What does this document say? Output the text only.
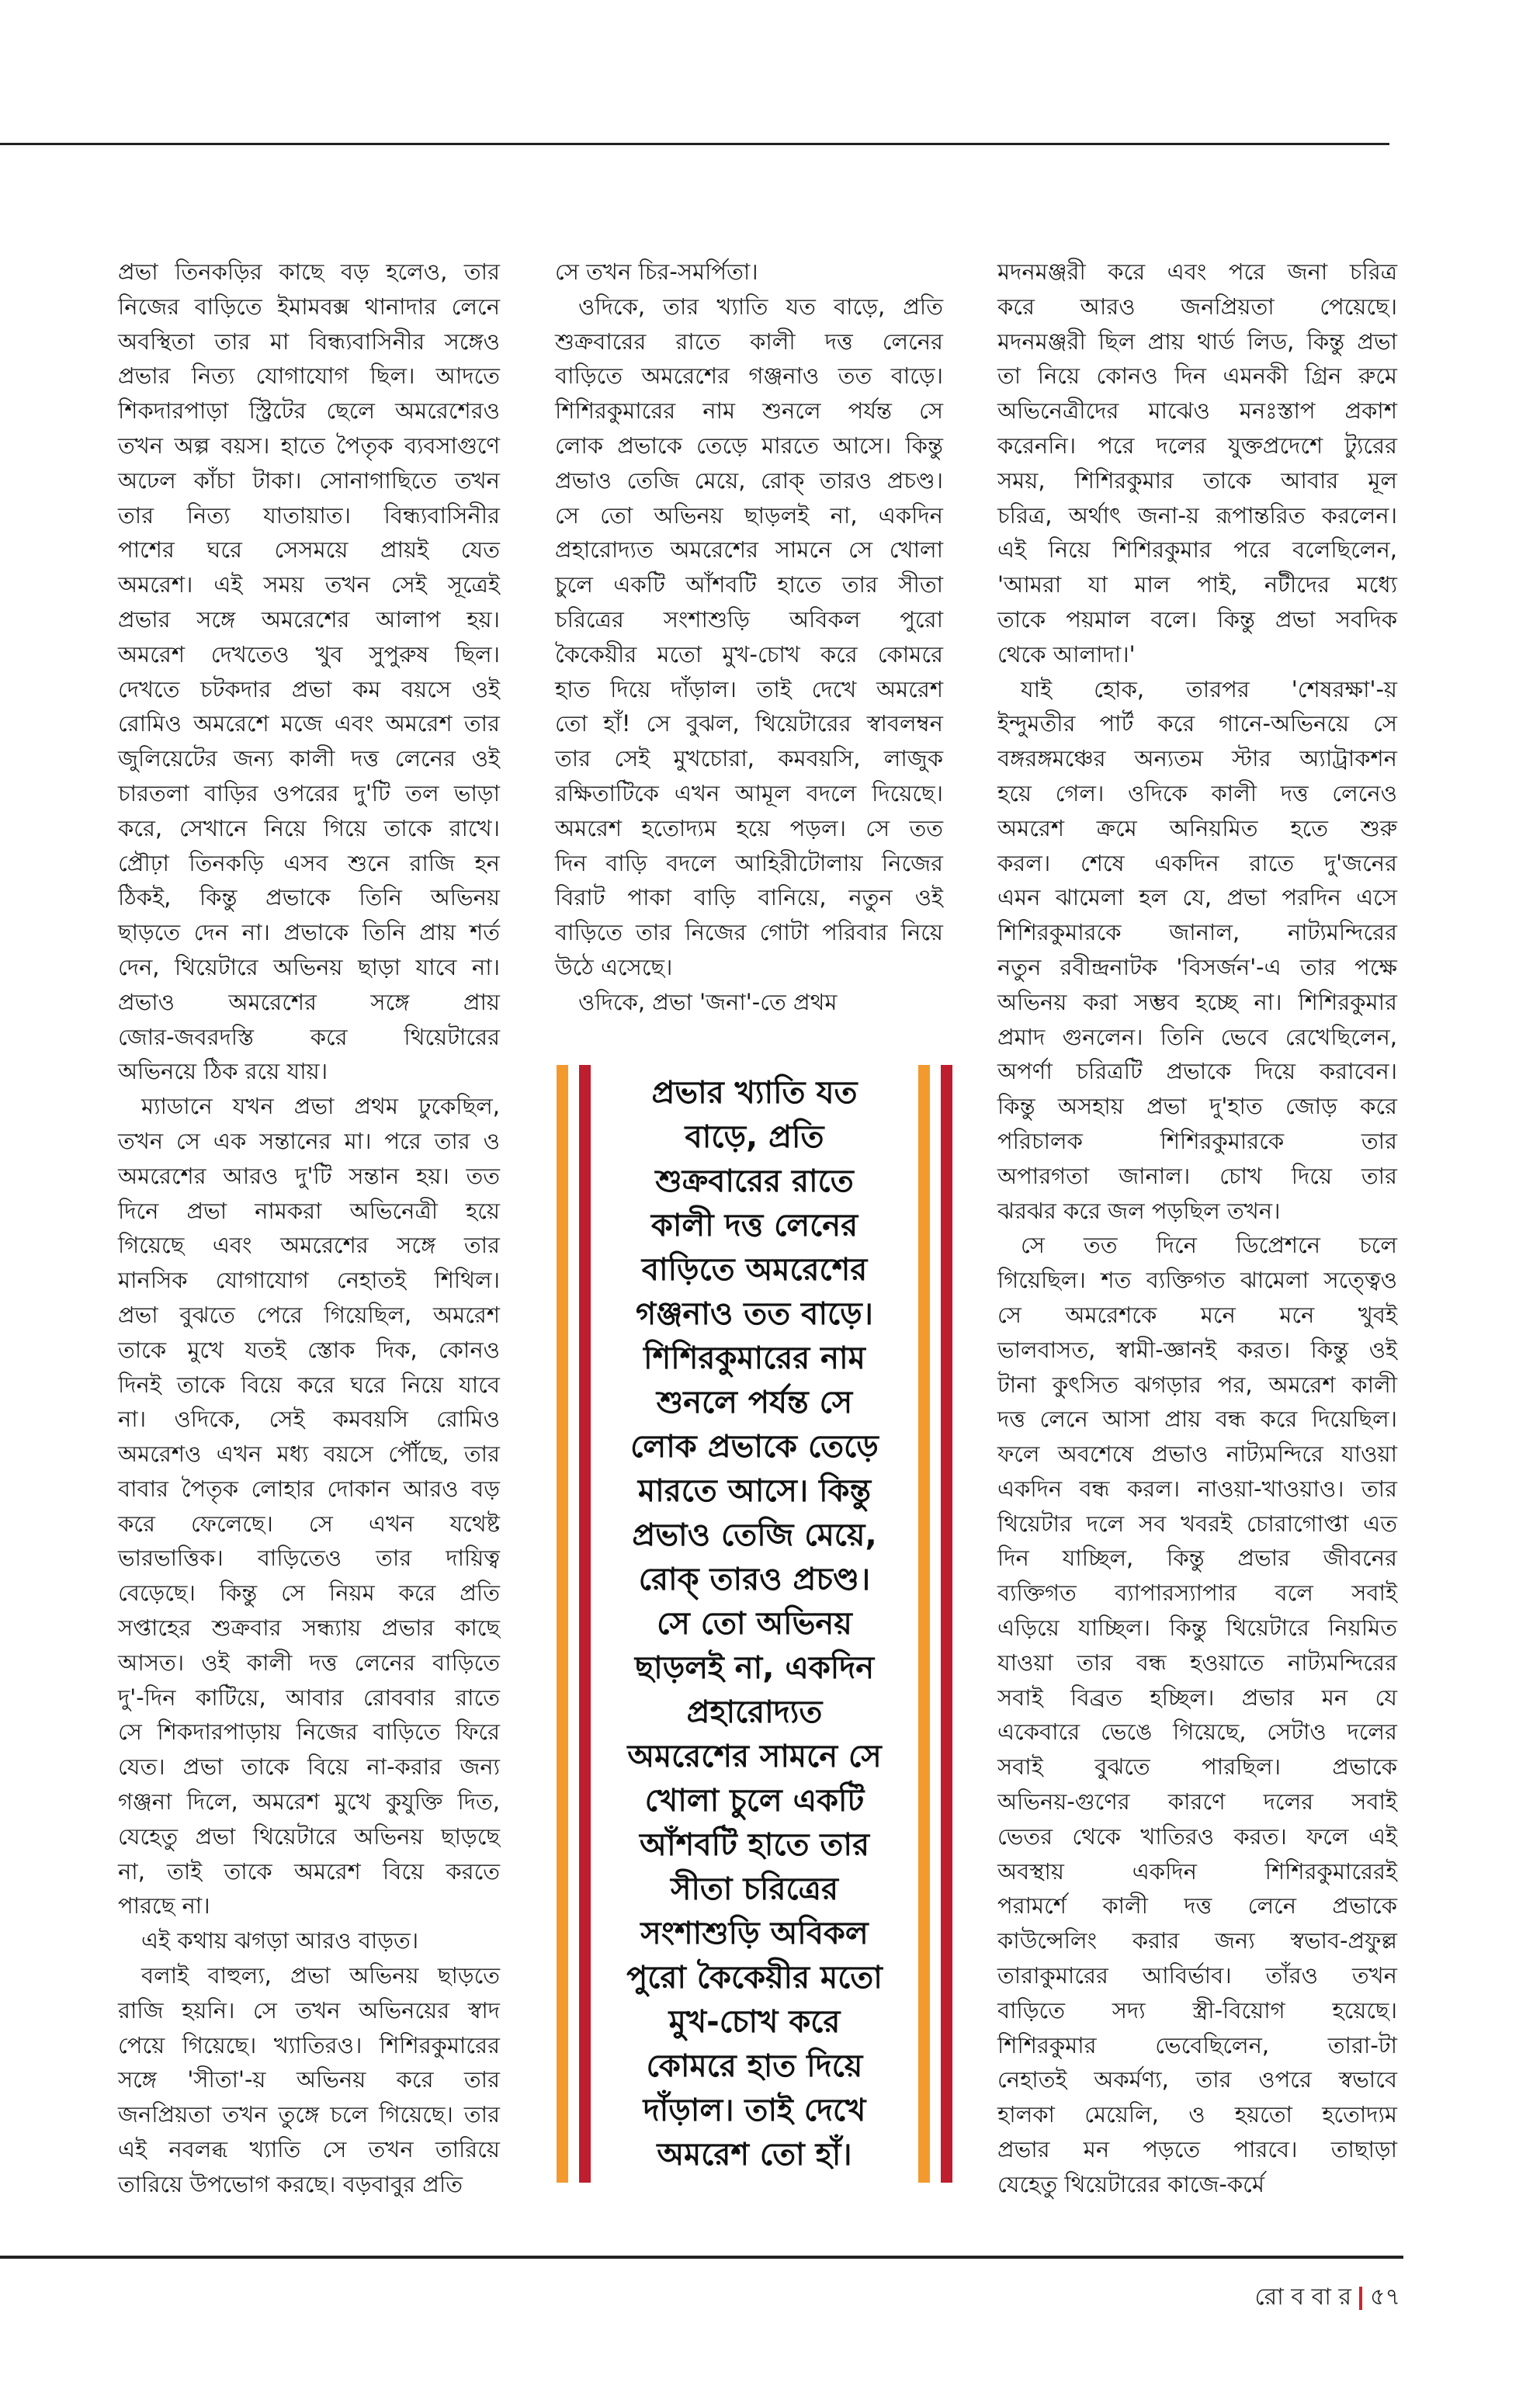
প্রভা তিনকড়ির কাছে বড় হলেও, তার
নিজের বাড়িতে ইমামবক্স থানাদার লেনে
অবস্থিতা তার মা বিন্ধ্যবাসিনীর সঙ্গেও
প্রভার নিত্য যোগাযোগ ছিল। আদতে
শিকদারপাড়া স্ট্রিটের ছেলে অমরেশেরও
তখন অল্প বয়স। হাতে পৈতৃক ব্যবসাগুণে
অঢেল কাঁচা টাকা। সোনাগাছিতে তখন
তার নিত্য যাতায়াত। বিন্ধ্যবাসিনীর
পাশের ঘরে সেসময়ে প্রায়ই যেত
অমরেশ। এই সময় তখন সেই সূত্রেই
প্রভার সঙ্গে অমরেশের আলাপ হয়।
অমরেশ দেখতেও খুব সুপুরুষ ছিল।
দেখতে চটকদার প্রভা কম বয়সে ওই
রোমিও অমরেশে মজে এবং অমরেশ তার
জুলিয়েটের জন্য কালী দত্ত লেনের ওই
চারতলা বাড়ির ওপরের দু'টি তল ভাড়া
করে, সেখানে নিয়ে গিয়ে তাকে রাখে।
প্রৌঢ়া তিনকড়ি এসব শুনে রাজি হন
ঠিকই, কিন্তু প্রভাকে তিনি অভিনয়
ছাড়তে দেন না। প্রভাকে তিনি প্রায় শর্ত
দেন, থিয়েটারে অভিনয় ছাড়া যাবে না।
প্রভাও অমরেশের সঙ্গে প্রায়
জোর-জবরদস্তি করে থিয়েটারের
অভিনয়ে ঠিক রয়ে যায়।
ম্যাডানে যখন প্রভা প্রথম ঢুকেছিল,
তখন সে এক সন্তানের মা। পরে তার ও
অমরেশের আরও দু'টি সন্তান হয়। তত
দিনে প্রভা নামকরা অভিনেত্রী হয়ে
গিয়েছে এবং অমরেশের সঙ্গে তার
মানসিক যোগাযোগ নেহাতই শিথিল।
প্রভা বুঝতে পেরে গিয়েছিল, অমরেশ
তাকে মুখে যতই স্তোক দিক, কোনও
দিনই তাকে বিয়ে করে ঘরে নিয়ে যাবে
না। ওদিকে, সেই কমবয়সি রোমিও
অমরেশও এখন মধ্য বয়সে পৌঁছে, তার
বাবার পৈতৃক লোহার দোকান আরও বড়
করে ফেলেছে। সে এখন যথেষ্ট
ভারভাত্তিক। বাড়িতেও তার দায়িত্ব
বেড়েছে। কিন্তু সে নিয়ম করে প্রতি
সপ্তাহের শুক্রবার সন্ধ্যায় প্রভার কাছে
আসত। ওই কালী দত্ত লেনের বাড়িতে
দু'-দিন কাটিয়ে, আবার রোববার রাতে
সে শিকদারপাড়ায় নিজের বাড়িতে ফিরে
যেত। প্রভা তাকে বিয়ে না-করার জন্য
গঞ্জনা দিলে, অমরেশ মুখে কুযুক্তি দিত,
যেহেতু প্রভা থিয়েটারে অভিনয় ছাড়ছে
না, তাই তাকে অমরেশ বিয়ে করতে
পারছে না।
এই কথায় ঝগড়া আরও বাড়ত।
বলাই বাহুল্য, প্রভা অভিনয় ছাড়তে
রাজি হয়নি। সে তখন অভিনয়ের স্বাদ
পেয়ে গিয়েছে। খ্যাতিরও। শিশিরকুমারের
সঙ্গে 'সীতা'-য় অভিনয় করে তার
জনপ্রিয়তা তখন তুঙ্গে চলে গিয়েছে। তার
এই নবলব্ধ খ্যাতি সে তখন তারিয়ে
তারিয়ে উপভোগ করছে। বড়বাবুর প্রতি
সে তখন চির-সমর্পিতা।
ওদিকে, তার খ্যাতি যত বাড়ে, প্রতি
শুক্রবারের রাতে কালী দত্ত লেনের
বাড়িতে অমরেশের গঞ্জনাও তত বাড়ে।
শিশিরকুমারের নাম শুনলে পর্যন্ত সে
লোক প্রভাকে তেড়ে মারতে আসে। কিন্তু
প্রভাও তেজি মেয়ে, রোক্ তারও প্রচণ্ড।
সে তো অভিনয় ছাড়লই না, একদিন
প্রহারোদ্যত অমরেশের সামনে সে খোলা
চুলে একটি আঁশবটি হাতে তার সীতা
চরিত্রের সংশাশুড়ি অবিকল পুরো
কৈকেয়ীর মতো মুখ-চোখ করে কোমরে
হাত দিয়ে দাঁড়াল। তাই দেখে অমরেশ
তো হাঁ! সে বুঝল, থিয়েটারের স্বাবলম্বন
তার সেই মুখচোরা, কমবয়সি, লাজুক
রক্ষিতাটিকে এখন আমূল বদলে দিয়েছে।
অমরেশ হতোদ্যম হয়ে পড়ল। সে তত
দিন বাড়ি বদলে আহিরীটোলায় নিজের
বিরাট পাকা বাড়ি বানিয়ে, নতুন ওই
বাড়িতে তার নিজের গোটা পরিবার নিয়ে
উঠে এসেছে।
ওদিকে, প্রভা 'জনা'-তে প্রথম
মদনমঞ্জরী করে এবং পরে জনা চরিত্র
করে আরও জনপ্রিয়তা পেয়েছে।
মদনমঞ্জরী ছিল প্রায় থার্ড লিড, কিন্তু প্রভা
তা নিয়ে কোনও দিন এমনকী গ্রিন রুমে
অভিনেত্রীদের মাঝেও মনঃস্তাপ প্রকাশ
করেননি। পরে দলের যুক্তপ্রদেশে ট্যুরের
সময়, শিশিরকুমার তাকে আবার মূল
চরিত্র, অর্থাৎ জনা-য় রূপান্তরিত করলেন।
এই নিয়ে শিশিরকুমার পরে বলেছিলেন,
'আমরা যা মাল পাই, নটীদের মধ্যে
তাকে পয়মাল বলে। কিন্তু প্রভা সবদিক
থেকে আলাদা।'
যাই হোক, তারপর 'শেষরক্ষা'-য়
ইন্দুমতীর পার্ট করে গানে-অভিনয়ে সে
বঙ্গরঙ্গমঞ্চের অন্যতম স্টার অ্যাট্রাকশন
হয়ে গেল। ওদিকে কালী দত্ত লেনেও
অমরেশ ক্রমে অনিয়মিত হতে শুরু
করল। শেষে একদিন রাতে দু'জনের
এমন ঝামেলা হল যে, প্রভা পরদিন এসে
শিশিরকুমারকে জানাল, নাট্যমন্দিরের
নতুন রবীন্দ্রনাটক 'বিসর্জন'-এ তার পক্ষে
অভিনয় করা সম্ভব হচ্ছে না। শিশিরকুমার
প্রমাদ গুনলেন। তিনি ভেবে রেখেছিলেন,
অপর্ণা চরিত্রটি প্রভাকে দিয়ে করাবেন।
কিন্তু অসহায় প্রভা দু'হাত জোড় করে
পরিচালক শিশিরকুমারকে তার
অপারগতা জানাল। চোখ দিয়ে তার
ঝরঝর করে জল পড়ছিল তখন।
সে তত দিনে ডিপ্রেশনে চলে
গিয়েছিল। শত ব্যক্তিগত ঝামেলা সত্ত্বেও
সে অমরেশকে মনে মনে খুবই
ভালবাসত, স্বামী-জ্ঞানই করত। কিন্তু ওই
টানা কুৎসিত ঝগড়ার পর, অমরেশ কালী
দত্ত লেনে আসা প্রায় বন্ধ করে দিয়েছিল।
ফলে অবশেষে প্রভাও নাট্যমন্দিরে যাওয়া
একদিন বন্ধ করল। নাওয়া-খাওয়াও। তার
থিয়েটার দলে সব খবরই চোরাগোপ্তা এত
দিন যাচ্ছিল, কিন্তু প্রভার জীবনের
ব্যক্তিগত ব্যাপারস্যাপার বলে সবাই
এড়িয়ে যাচ্ছিল। কিন্তু থিয়েটারে নিয়মিত
যাওয়া তার বন্ধ হওয়াতে নাট্যমন্দিরের
সবাই বিব্রত হচ্ছিল। প্রভার মন যে
একেবারে ভেঙে গিয়েছে, সেটাও দলের
সবাই বুঝতে পারছিল। প্রভাকে
অভিনয়-গুণের কারণে দলের সবাই
ভেতর থেকে খাতিরও করত। ফলে এই
অবস্থায় একদিন শিশিরকুমারেরই
পরামর্শে কালী দত্ত লেনে প্রভাকে
কাউন্সেলিং করার জন্য স্বভাব-প্রফুল্ল
তারাকুমারের আবির্ভাব। তাঁরও তখন
বাড়িতে সদ্য স্ত্রী-বিয়োগ হয়েছে।
শিশিরকুমার ভেবেছিলেন, তারা-টা
নেহাতই অকর্মণ্য, তার ওপরে স্বভাবে
হালকা মেয়েলি, ও হয়তো হতোদ্যম
প্রভার মন পড়তে পারবে। তাছাড়া
যেহেতু থিয়েটারের কাজে-কর্মে
প্রভার খ্যাতি যত
বাড়ে, প্রতি
শুক্রবারের রাতে
কালী দত্ত লেনের
বাড়িতে অমরেশের
গঞ্জনাও তত বাড়ে।
শিশিরকুমারের নাম
শুনলে পর্যন্ত সে
লোক প্রভাকে তেড়ে
মারতে আসে। কিন্তু
প্রভাও তেজি মেয়ে,
রোক্ তারও প্রচণ্ড।
সে তো অভিনয়
ছাড়লই না, একদিন
প্রহারোদ্যত
অমরেশের সামনে সে
খোলা চুলে একটি
আঁশবটি হাতে তার
সীতা চরিত্রের
সংশাশুড়ি অবিকল
পুরো কৈকেয়ীর মতো
মুখ-চোখ করে
কোমরে হাত দিয়ে
দাঁড়াল। তাই দেখে
অমরেশ তো হাঁ।
রো ব বা র ৫৭
